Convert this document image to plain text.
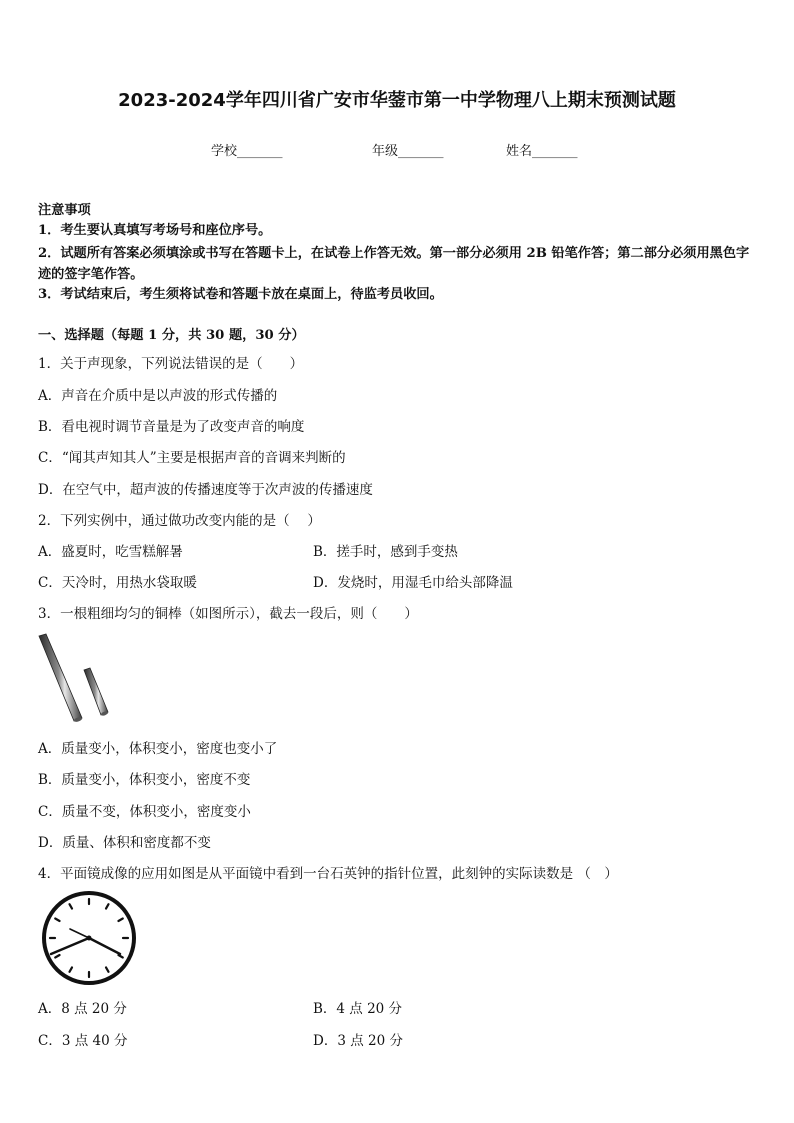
2023-2024学年四川省广安市华蓥市第一中学物理八上期末预测试题
学校_______	年级_______	姓名_______
注意事项
1．考生要认真填写考场号和座位序号。
2．试题所有答案必须填涂或书写在答题卡上，在试卷上作答无效。第一部分必须用 2B 铅笔作答；第二部分必须用黑色字迹的签字笔作答。
3．考试结束后，考生须将试卷和答题卡放在桌面上，待监考员收回。
一、选择题（每题 1 分，共 30 题，30 分）
1．关于声现象，下列说法错误的是（　　）
A．声音在介质中是以声波的形式传播的
B．看电视时调节音量是为了改变声音的响度
C．“闻其声知其人”主要是根据声音的音调来判断的
D．在空气中，超声波的传播速度等于次声波的传播速度
2．下列实例中，通过做功改变内能的是（　 ）
A．盛夏时，吃雪糕解暑	B．搓手时，感到手变热
C．天冷时，用热水袋取暖	D．发烧时，用湿毛巾给头部降温
3．一根粗细均匀的铜棒（如图所示），截去一段后，则（　　）
A．质量变小，体积变小，密度也变小了
B．质量变小，体积变小，密度不变
C．质量不变，体积变小，密度变小
D．质量、体积和密度都不变
4．平面镜成像的应用如图是从平面镜中看到一台石英钟的指针位置，此刻钟的实际读数是 （　）
A．8 点 20 分	B．4 点 20 分
C．3 点 40 分	D．3 点 20 分
